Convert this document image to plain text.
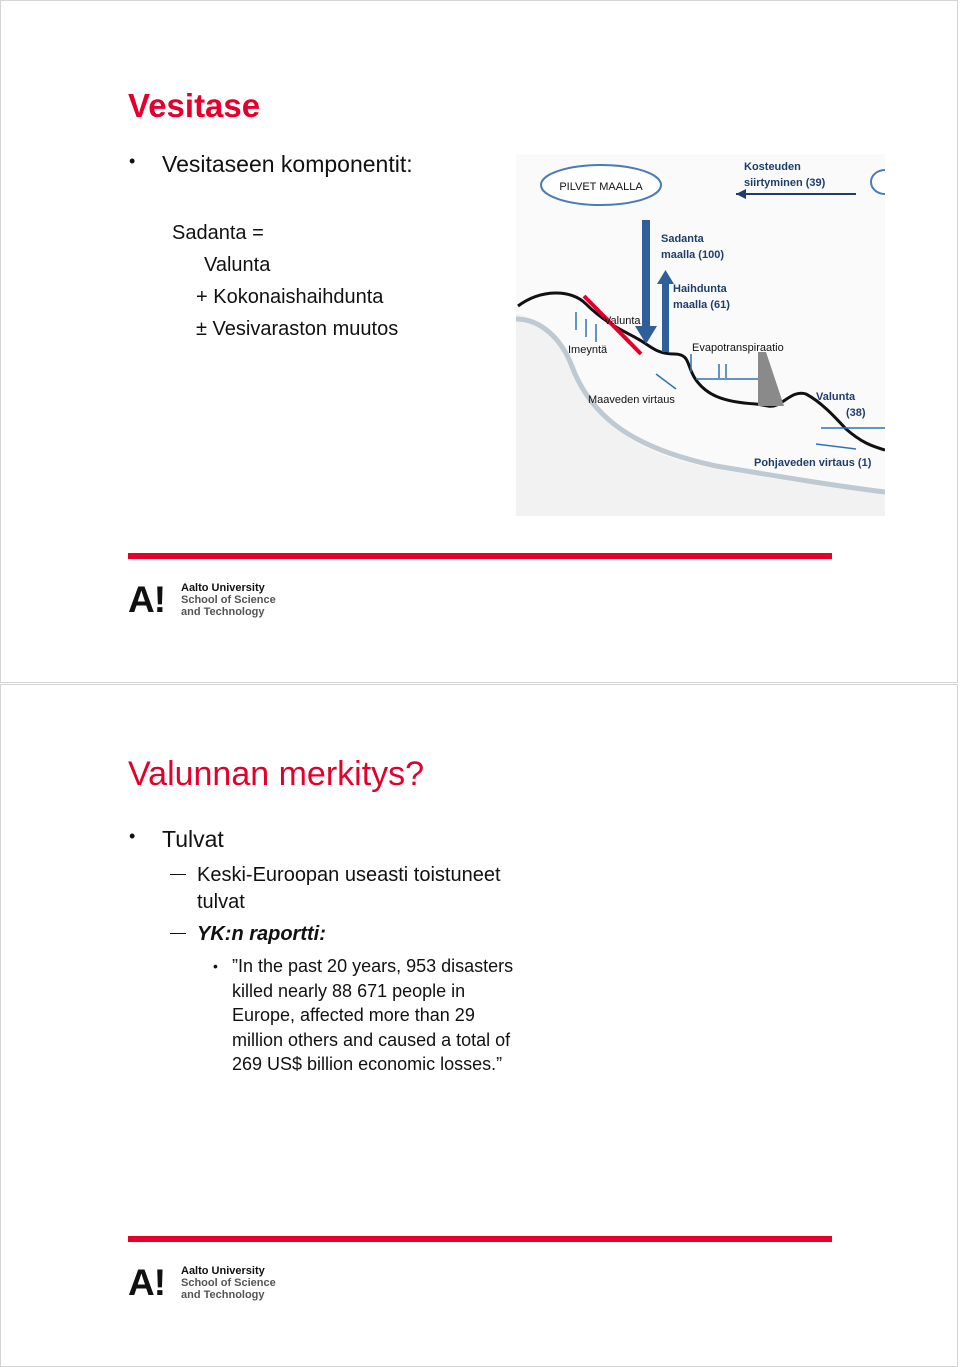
Vesitase
• Vesitaseen komponentit:
Sadanta =
Valunta
+ Kokonaishaihdunta
± Vesivaraston muutos
PILVET MAALLA
Kosteuden
siirtyminen (39)
Sadanta
maalla (100)
Haihdunta
maalla (61)
Valunta
Imeyntä	Evapotranspiraatio
Maaveden virtaus	Valunta
(38)
Pohjaveden virtaus (1)
A! Aalto University
School of Science
and Technology
Valunnan merkitys?
• Tulvat
Keski-Euroopan useasti toistuneet
tulvat
YK:n raportti:
• ”In the past 20 years, 953 disasters
killed nearly 88 671 people in
Europe, affected more than 29
million others and caused a total of
269 US$ billion economic losses.”
A! Aalto University
School of Science
and Technology
